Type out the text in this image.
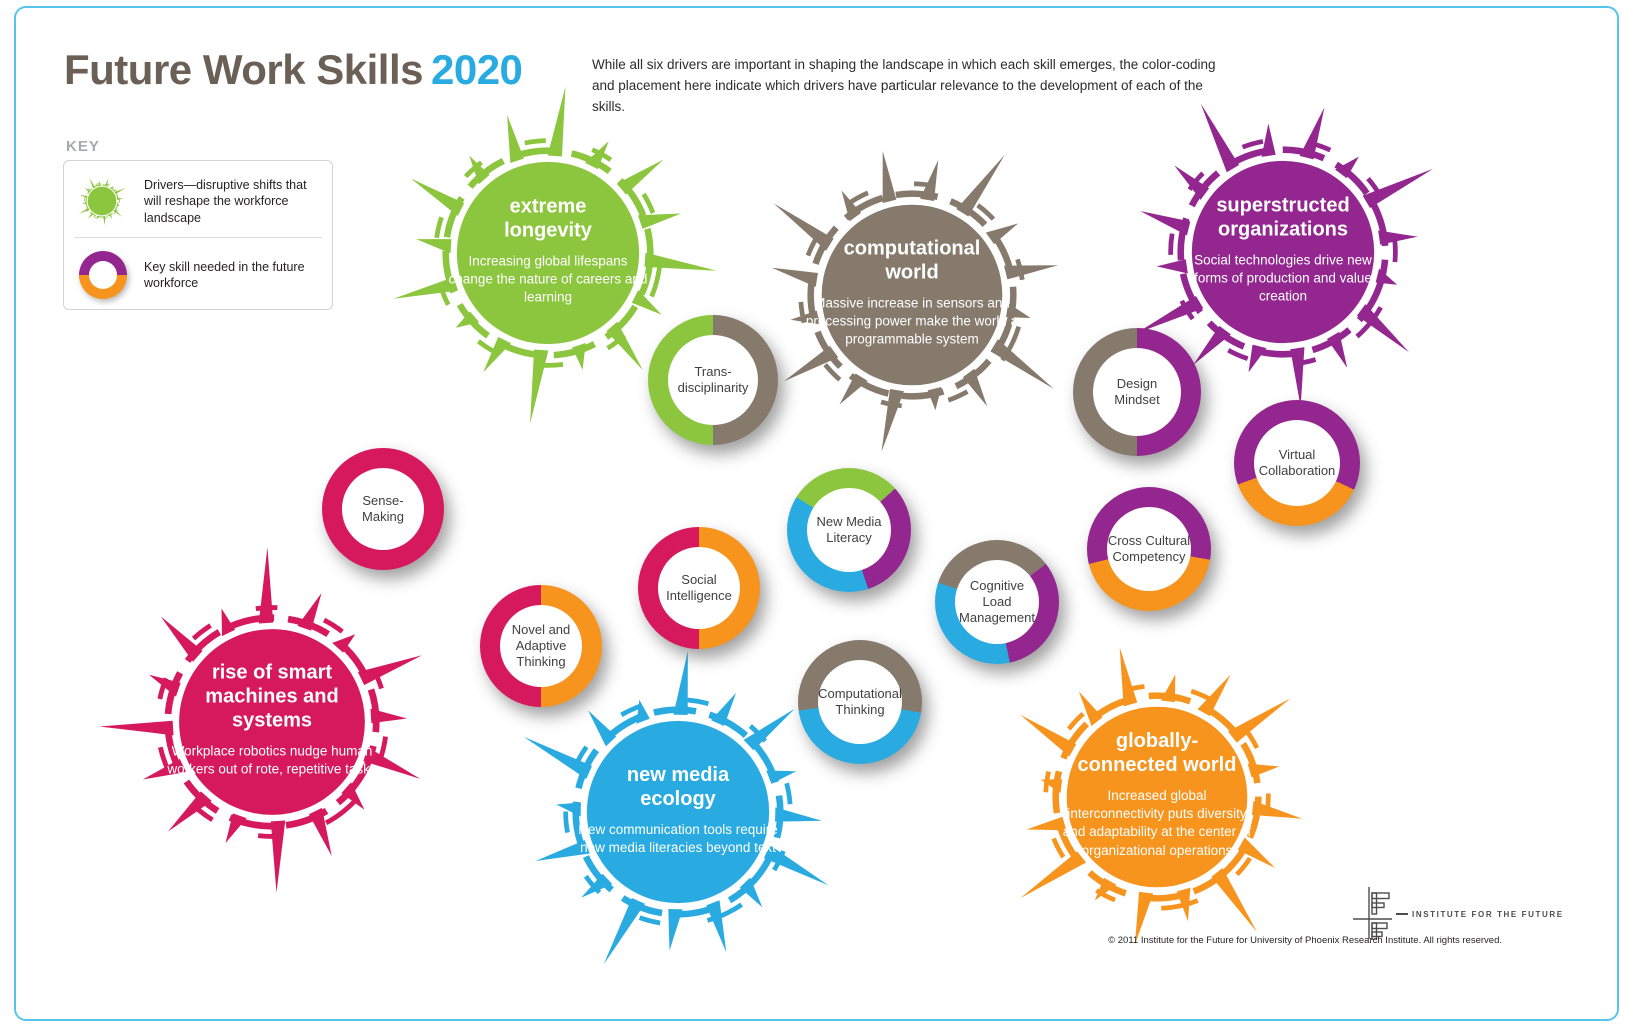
Future Work Skills 2020	While all six drivers are important in shaping the landscape in which each skill emerges, the color-coding and placement here indicate which drivers have particular relevance to the development of each of the skills.
KEY
Drivers—disruptive shifts that will reshape the workforce landscape
Key skill needed in the future workforce
extreme longevity
Increasing global lifespans change the nature of careers and learning
computational world
Massive increase in sensors and processing power make the world a programmable system
superstructed organizations
Social technologies drive new forms of production and value creation
rise of smart machines and systems
Workplace robotics nudge human workers out of rote, repetitive tasks	new media ecology
New communication tools require new media literacies beyond text
globally-connected world
Increased global interconnectivity puts diversity and adaptability at the center of organizational operations
Trans-disciplinarity	Design Mindset
Virtual Collaboration
Sense-Making	New Media Literacy
Social Intelligence
Cognitive Load Management
Cross Cultural Competency
Novel and Adaptive Thinking
Computational Thinking
INSTITUTE FOR THE FUTURE
© 2011 Institute for the Future for University of Phoenix Research Institute. All rights reserved.
